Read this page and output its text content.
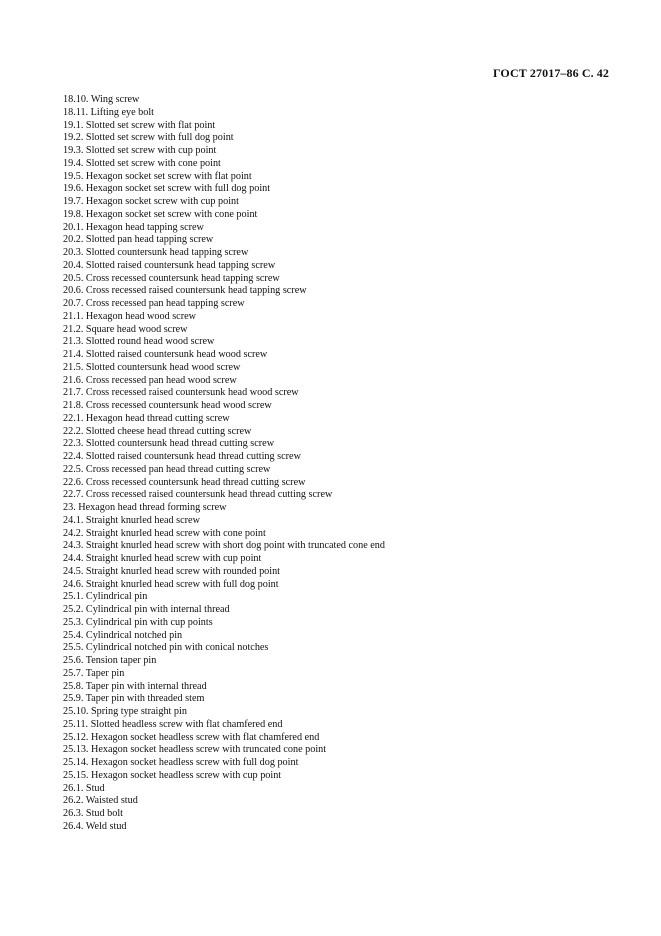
ГОСТ 27017–86 С. 42
18.10. Wing screw
18.11. Lifting eye bolt
19.1. Slotted set screw with flat point
19.2. Slotted set screw with full dog point
19.3. Slotted set screw with cup point
19.4. Slotted set screw with cone point
19.5. Hexagon socket set screw with flat point
19.6. Hexagon socket set screw with full dog point
19.7. Hexagon socket screw with cup point
19.8. Hexagon socket set screw with cone point
20.1. Hexagon head tapping screw
20.2. Slotted pan head tapping screw
20.3. Slotted countersunk head tapping screw
20.4. Slotted raised countersunk head tapping screw
20.5. Cross recessed countersunk head tapping screw
20.6. Cross recessed raised countersunk head tapping screw
20.7. Cross recessed pan head tapping screw
21.1. Hexagon head wood screw
21.2. Square head wood screw
21.3. Slotted round head wood screw
21.4. Slotted raised countersunk head wood screw
21.5. Slotted countersunk head wood screw
21.6. Cross recessed pan head wood screw
21.7. Cross recessed raised countersunk head wood screw
21.8. Cross recessed countersunk head wood screw
22.1. Hexagon head thread cutting screw
22.2. Slotted cheese head thread cutting screw
22.3. Slotted countersunk head thread cutting screw
22.4. Slotted raised countersunk head thread cutting screw
22.5. Cross recessed pan head thread cutting screw
22.6. Cross recessed countersunk head thread cutting screw
22.7. Cross recessed raised countersunk head thread cutting screw
23. Hexagon head thread forming screw
24.1. Straight knurled head screw
24.2. Straight knurled head screw with cone point
24.3. Straight knurled head screw with short dog point with truncated cone end
24.4. Straight knurled head screw with cup point
24.5. Straight knurled head screw with rounded point
24.6. Straight knurled head screw with full dog point
25.1. Cylindrical pin
25.2. Cylindrical pin with internal thread
25.3. Cylindrical pin with cup points
25.4. Cylindrical notched pin
25.5. Cylindrical notched pin with conical notches
25.6. Tension taper pin
25.7. Taper pin
25.8. Taper pin with internal thread
25.9. Taper pin with threaded stem
25.10. Spring type straight pin
25.11. Slotted headless screw with flat chamfered end
25.12. Hexagon socket headless screw with flat chamfered end
25.13. Hexagon socket headless screw with truncated cone point
25.14. Hexagon socket headless screw with full dog point
25.15. Hexagon socket headless screw with cup point
26.1. Stud
26.2. Waisted stud
26.3. Stud bolt
26.4. Weld stud
